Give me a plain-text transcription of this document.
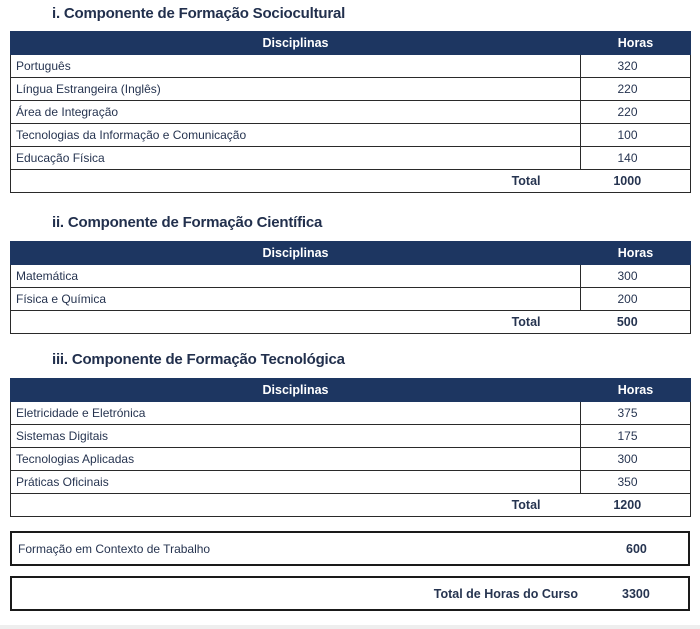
i. Componente de Formação Sociocultural
Disciplinas	Horas
Português	320
Língua Estrangeira (Inglês)	220
Área de Integração	220
Tecnologias da Informação e Comunicação	100
Educação Física	140
Total	1000
ii. Componente de Formação Científica
Disciplinas	Horas
Matemática	300
Física e Química	200
Total	500
iii. Componente de Formação Tecnológica
Disciplinas	Horas
Eletricidade e Eletrónica	375
Sistemas Digitais	175
Tecnologias Aplicadas	300
Práticas Oficinais	350
Total	1200
Formação em Contexto de Trabalho	600
Total de Horas do Curso	3300
